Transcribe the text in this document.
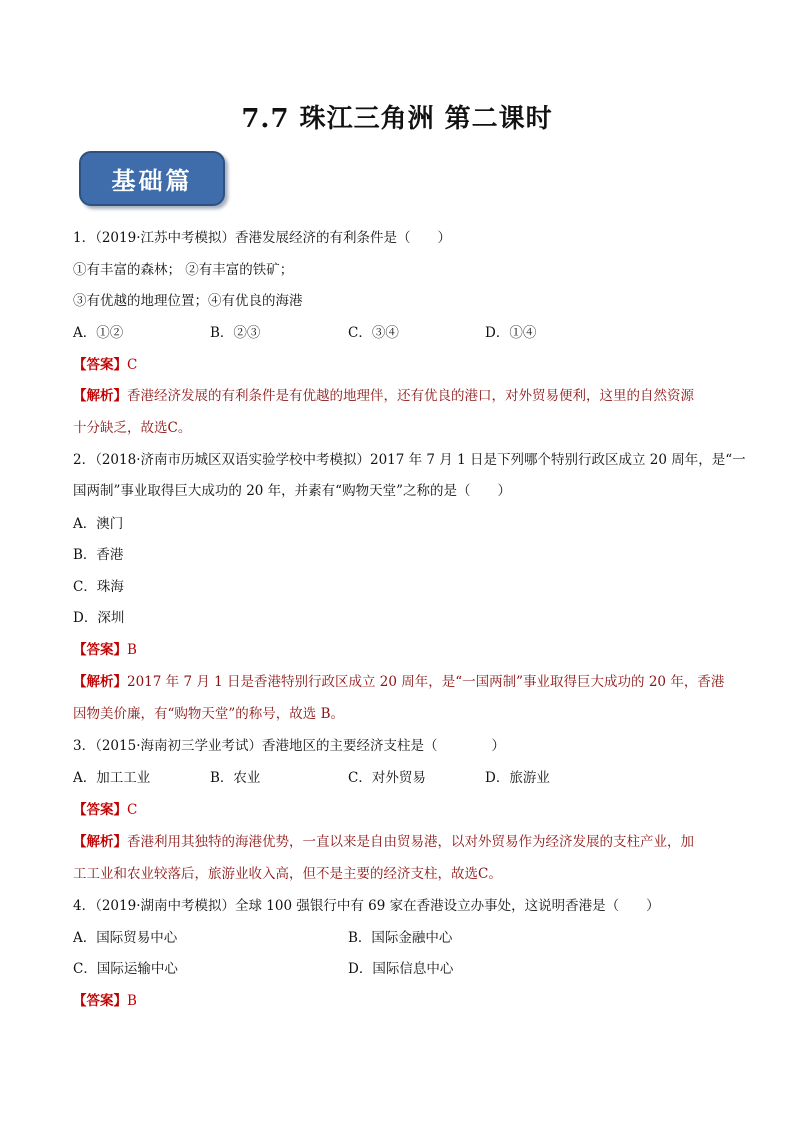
7.7 珠江三角洲 第二课时
基础篇
1．（2019·江苏中考模拟）香港发展经济的有利条件是（　　）
①有丰富的森林； ②有丰富的铁矿；
③有优越的地理位置；④有优良的海港
A．①②	B．②③	C．③④	D．①④
【答案】C
【解析】香港经济发展的有利条件是有优越的地理伴，还有优良的港口，对外贸易便利，这里的自然资源
十分缺乏，故选C。
2．（2018·济南市历城区双语实验学校中考模拟）2017 年 7 月 1 日是下列哪个特别行政区成立 20 周年，是“一
国两制”事业取得巨大成功的 20 年，并素有“购物天堂”之称的是（　　）
A．澳门
B．香港
C．珠海
D．深圳
【答案】B
【解析】2017 年 7 月 1 日是香港特别行政区成立 20 周年，是“一国两制”事业取得巨大成功的 20 年，香港
因物美价廉，有“购物天堂”的称号，故选 B。
3．（2015·海南初三学业考试）香港地区的主要经济支柱是（　　　　）
A．加工工业	B．农业	C．对外贸易	D．旅游业
【答案】C
【解析】香港利用其独特的海港优势，一直以来是自由贸易港，以对外贸易作为经济发展的支柱产业，加
工工业和农业较落后，旅游业收入高，但不是主要的经济支柱，故选C。
4．（2019·湖南中考模拟）全球 100 强银行中有 69 家在香港设立办事处，这说明香港是（　　）
A．国际贸易中心	B．国际金融中心
C．国际运输中心	D．国际信息中心
【答案】B
